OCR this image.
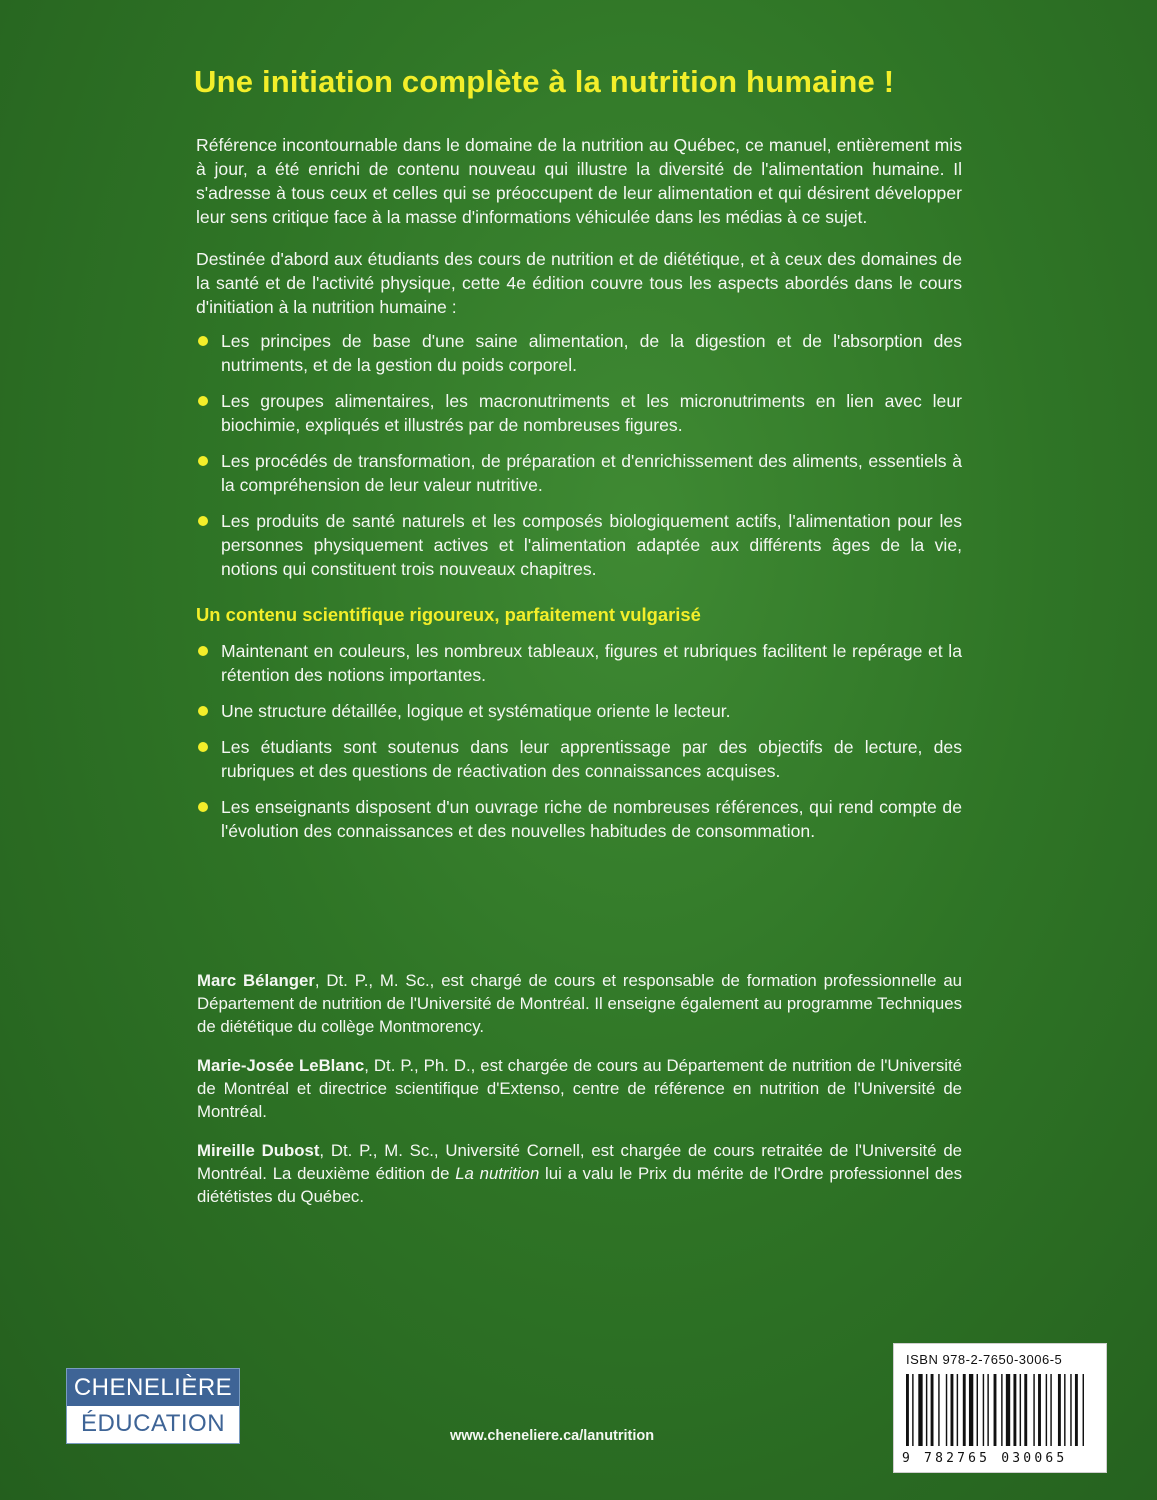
Une initiation complète à la nutrition humaine !

Référence incontournable dans le domaine de la nutrition au Québec, ce manuel, entièrement mis à jour, a été enrichi de contenu nouveau qui illustre la diversité de l'alimentation humaine. Il s'adresse à tous ceux et celles qui se préoccupent de leur alimentation et qui désirent développer leur sens critique face à la masse d'informations véhiculée dans les médias à ce sujet.

Destinée d'abord aux étudiants des cours de nutrition et de diététique, et à ceux des domaines de la santé et de l'activité physique, cette 4e édition couvre tous les aspects abordés dans le cours d'initiation à la nutrition humaine :

Les principes de base d'une saine alimentation, de la digestion et de l'absorption des nutriments, et de la gestion du poids corporel.
Les groupes alimentaires, les macronutriments et les micronutriments en lien avec leur biochimie, expliqués et illustrés par de nombreuses figures.
Les procédés de transformation, de préparation et d'enrichissement des aliments, essentiels à la compréhension de leur valeur nutritive.
Les produits de santé naturels et les composés biologiquement actifs, l'alimentation pour les personnes physiquement actives et l'alimentation adaptée aux différents âges de la vie, notions qui constituent trois nouveaux chapitres.
Un contenu scientifique rigoureux, parfaitement vulgarisé
Maintenant en couleurs, les nombreux tableaux, figures et rubriques facilitent le repérage et la rétention des notions importantes.
Une structure détaillée, logique et systématique oriente le lecteur.
Les étudiants sont soutenus dans leur apprentissage par des objectifs de lecture, des rubriques et des questions de réactivation des connaissances acquises.
Les enseignants disposent d'un ouvrage riche de nombreuses références, qui rend compte de l'évolution des connaissances et des nouvelles habitudes de consommation.

Marc Bélanger, Dt. P., M. Sc., est chargé de cours et responsable de formation professionnelle au Département de nutrition de l'Université de Montréal. Il enseigne également au programme Techniques de diététique du collège Montmorency.

Marie-Josée LeBlanc, Dt. P., Ph. D., est chargée de cours au Département de nutrition de l'Université de Montréal et directrice scientifique d'Extenso, centre de référence en nutrition de l'Université de Montréal.

Mireille Dubost, Dt. P., M. Sc., Université Cornell, est chargée de cours retraitée de l'Université de Montréal. La deuxième édition de La nutrition lui a valu le Prix du mérite de l'Ordre professionnel des diététistes du Québec.

CHENELIÈRE
ÉDUCATION	www.cheneliere.ca/lanutrition
ISBN 978-2-7650-3006-5
9 782765 030065
